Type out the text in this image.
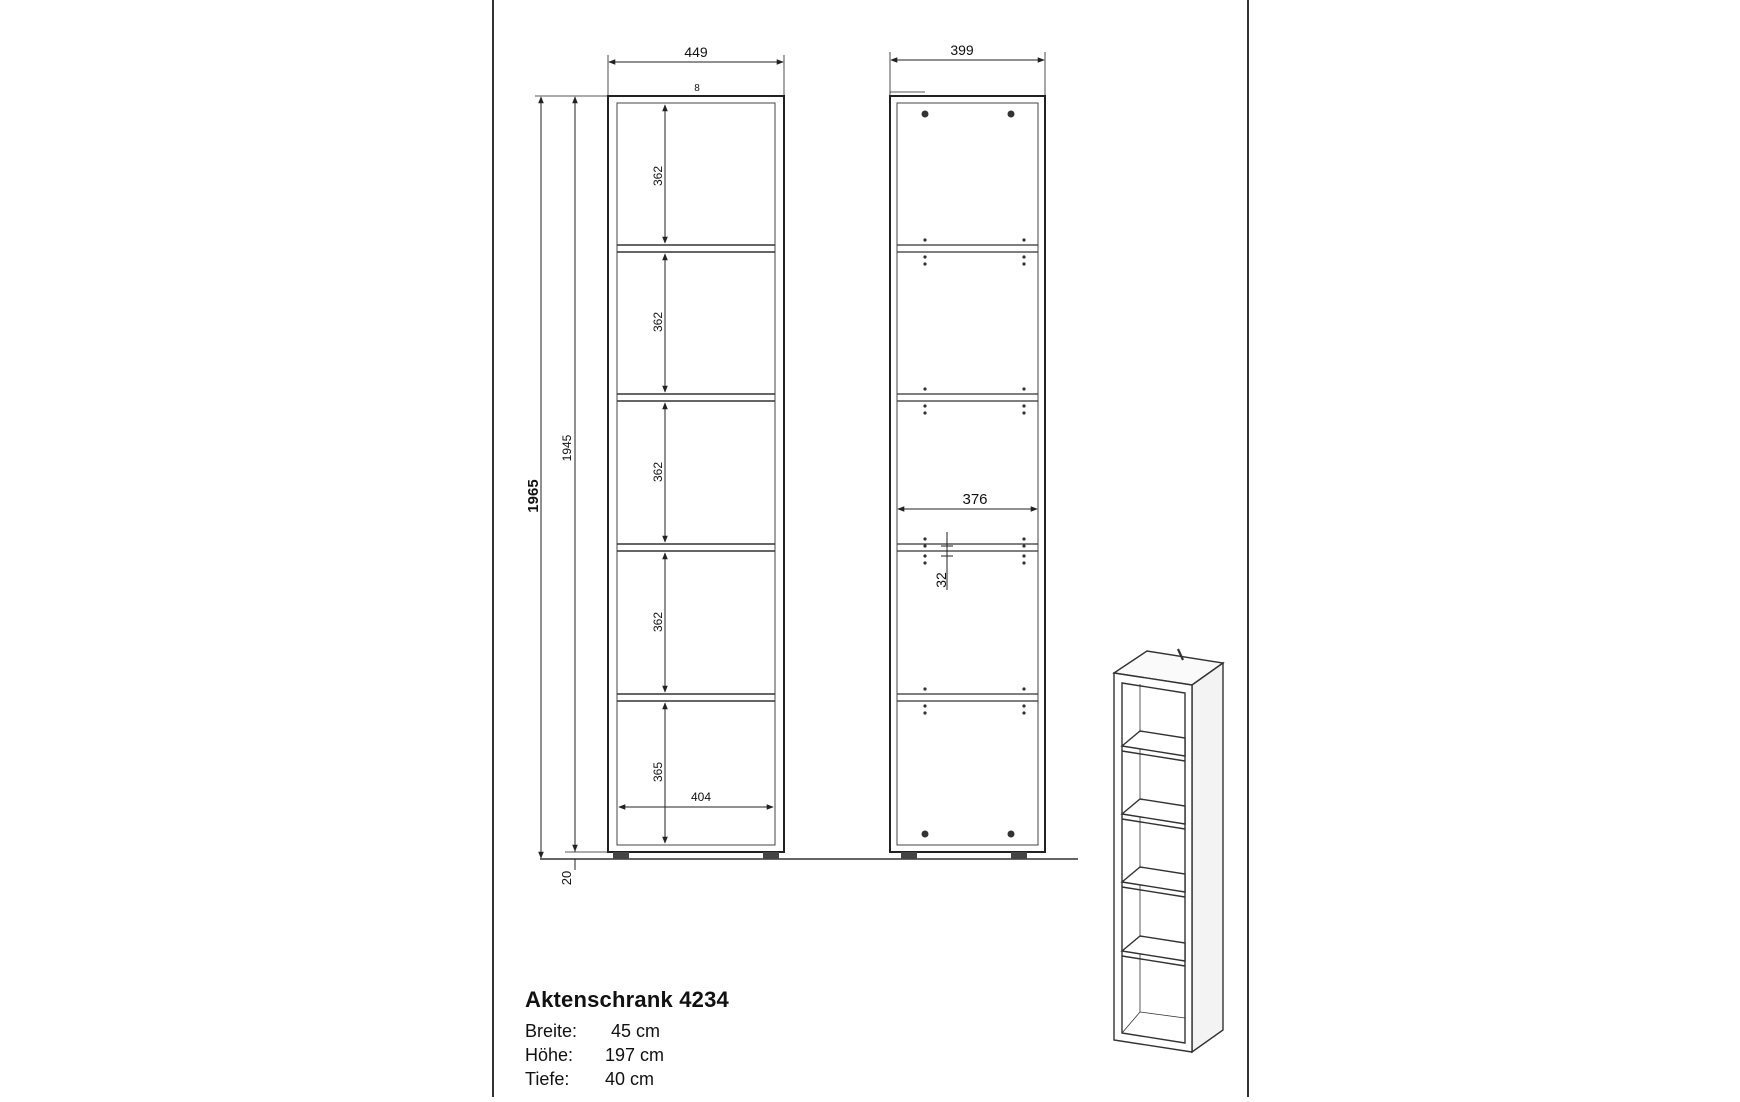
449
8
362
362
362
362
365
404
1965
1945
20
399
376
32
Aktenschrank 4234
Breite:	45 cm
Höhe:	197 cm
Tiefe:	40 cm
